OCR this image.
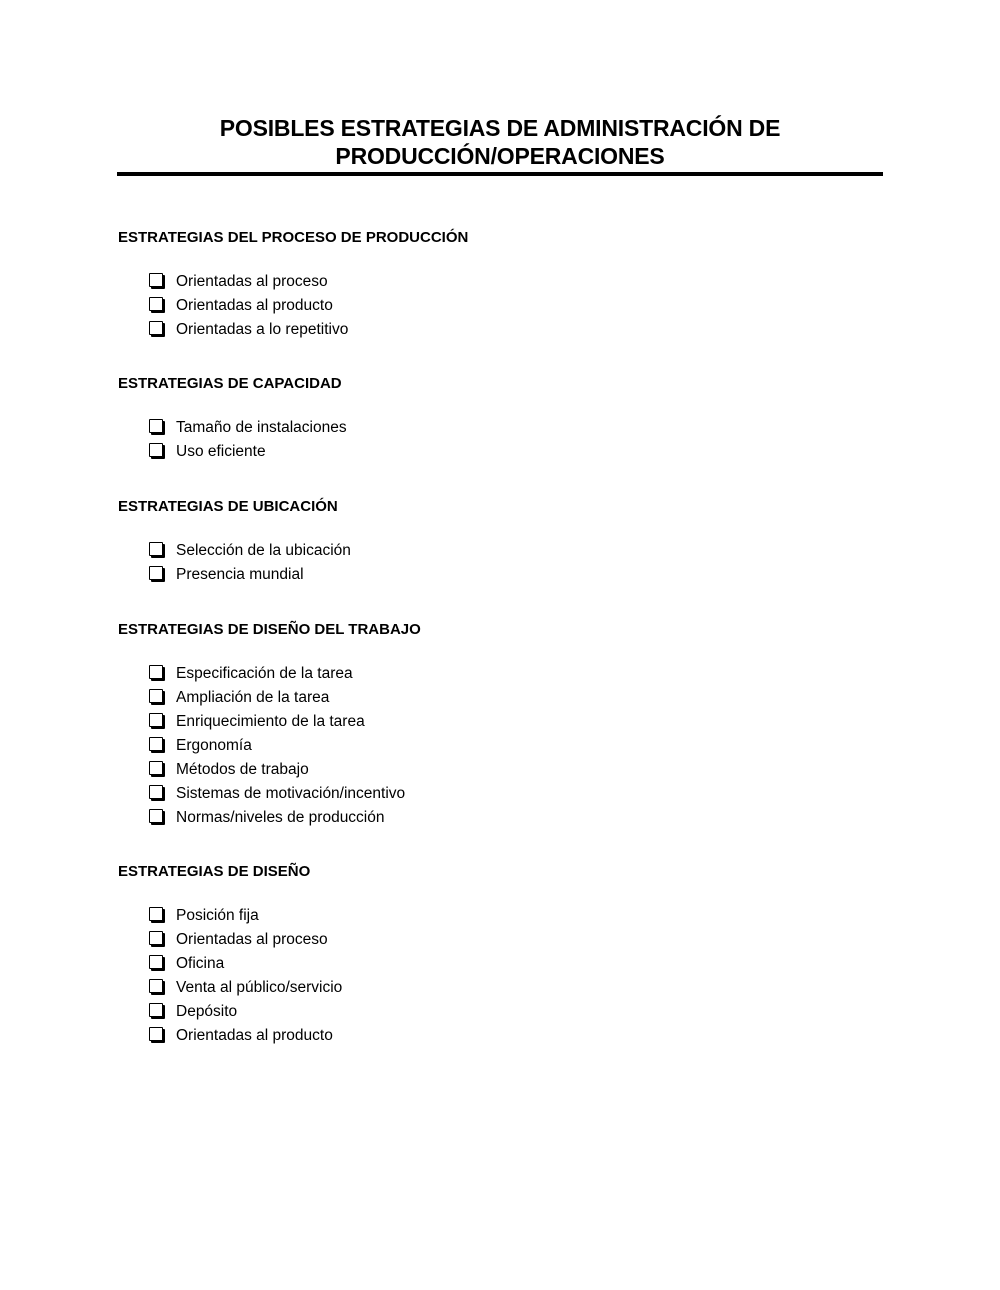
POSIBLES ESTRATEGIAS DE ADMINISTRACIÓN DE
PRODUCCIÓN/OPERACIONES
ESTRATEGIAS DEL PROCESO DE PRODUCCIÓN
Orientadas al proceso
Orientadas al producto
Orientadas a lo repetitivo
ESTRATEGIAS DE CAPACIDAD
Tamaño de instalaciones
Uso eficiente
ESTRATEGIAS DE UBICACIÓN
Selección de la ubicación
Presencia mundial
ESTRATEGIAS DE DISEÑO DEL TRABAJO
Especificación de la tarea
Ampliación de la tarea
Enriquecimiento de la tarea
Ergonomía
Métodos de trabajo
Sistemas de motivación/incentivo
Normas/niveles de producción
ESTRATEGIAS DE DISEÑO
Posición fija
Orientadas al proceso
Oficina
Venta al público/servicio
Depósito
Orientadas al producto
